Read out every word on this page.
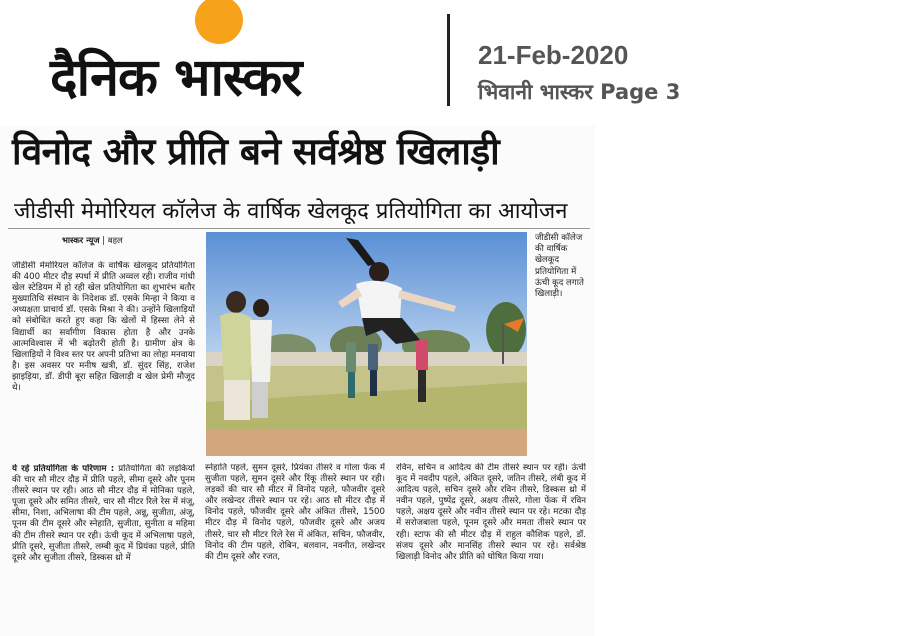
दैनिक भास्कर	21-Feb-2020
भिवानी भास्कर Page 3
विनोद और प्रीति बने सर्वश्रेष्ठ खिलाड़ी
जीडीसी मेमोरियल कॉलेज के वार्षिक खेलकूद प्रतियोगिता का आयोजन
भास्कर न्यूज | बहल
जीडीसी मेमोरियल कॉलेज के वार्षिक खेलकूद प्रतियोगिता की 400 मीटर दौड़ स्पर्धा में प्रीति अव्वल रही। राजीव गांधी खेल स्टेडियम में हो रही खेल प्रतियोगिता का शुभारंभ बतौर मुख्यातिथि संस्थान के निदेशक डॉ. एसके मिन्हा ने किया व अध्यक्षता प्राचार्य डॉ. एसके मिश्रा ने की। उन्होंने खिलाड़ियों को संबोधित करते हुए कहा कि खेलों में हिस्सा लेने से विद्यार्थी का सर्वांगीण विकास होता है और उनके आत्मविश्वास में भी बढ़ोतरी होती है। ग्रामीण क्षेत्र के खिलाड़ियों ने विश्व स्तर पर अपनी प्रतिभा का लोहा मनवाया है। इस अवसर पर मनीष खत्री, डॉ. सुंदर सिंह, राजेश झाइड़िया, डॉ. डीपी बूरा सहित खिलाड़ी व खेल प्रेमी मौजूद थे।
ये रहे प्रतियोगिता के परिणाम : प्रतियोगिता की लड़कियों की चार सौ मीटर दौड़ में प्रीति पहले, सीमा दूसरे और पूनम तीसरे स्थान पर रही। आठ सौ मीटर दौड़ में मोनिका पहले, पूजा दूसरे और समित तीसरे, चार सौ मीटर रिले रेस में मंजू, सीमा, निशा, अभिलाषा की टीम पहले, अन्नू, सुजीता, अंजू, पूनम की टीम दूसरे और स्नेहाति, सुजीता, सुनीता व महिमा की टीम तीसरे स्थान पर रही। ऊंची कूद में अभिलाषा पहले, प्रीति दूसरे, सुजीता तीसरे, लम्बी कूद में प्रियंका पहले, प्रीति दूसरे और सुजीता तीसरे, डिस्कस थ्रो में
स्नेहाति पहले, सुमन दूसरे, प्रियंका तीसरे व गोला फेंक में सुजीता पहले, सुमन दूसरे और रिंकू तीसरे स्थान पर रही। लड़कों की चार सौ मीटर में विनोद पहले, फौजवीर दूसरे और लखेन्दर तीसरे स्थान पर रहे। आठ सौ मीटर दौड़ में विनोद पहले, फौजवीर दूसरे और अंकित तीसरे, 1500 मीटर दौड़ में विनोद पहले, फौजवीर दूसरे और अजय तीसरे, चार सौ मीटर रिले रेस में अंकित, सचिन, फौजवीर, विनोद की टीम पहले, रोबिन, बलवान, नवनीत, लखेन्दर की टीम दूसरे और रजत,
रविन, सचिन व आदित्य की टीम तीसरे स्थान पर रही। ऊंची कूद में नवदीप पहले, अंकित दूसरे, जतिन तीसरे, लंबी कूद में आदित्य पहले, सचिन दूसरे और रविन तीसरे, डिस्कस थ्रो में नवीन पहले, पुष्पेंद्र दूसरे, अक्षय तीसरे, गोला फेंक में रविन पहले, अक्षय दूसरे और नवीन तीसरे स्थान पर रहे। मटका दौड़ में सरोजबाला पहले, पूनम दूसरे और ममता तीसरे स्थान पर रही। स्टाफ की सौ मीटर दौड़ में राहुल कौशिक पहले, डॉ. संजय दूसरे और मानसिंह तीसरे स्थान पर रहे। सर्वश्रेष्ठ खिलाड़ी विनोद और प्रीति को घोषित किया गया।
जीडीसी कॉलेज की वार्षिक खेलकूद प्रतियोगिता में ऊंची कूद लगाते खिलाड़ी।
